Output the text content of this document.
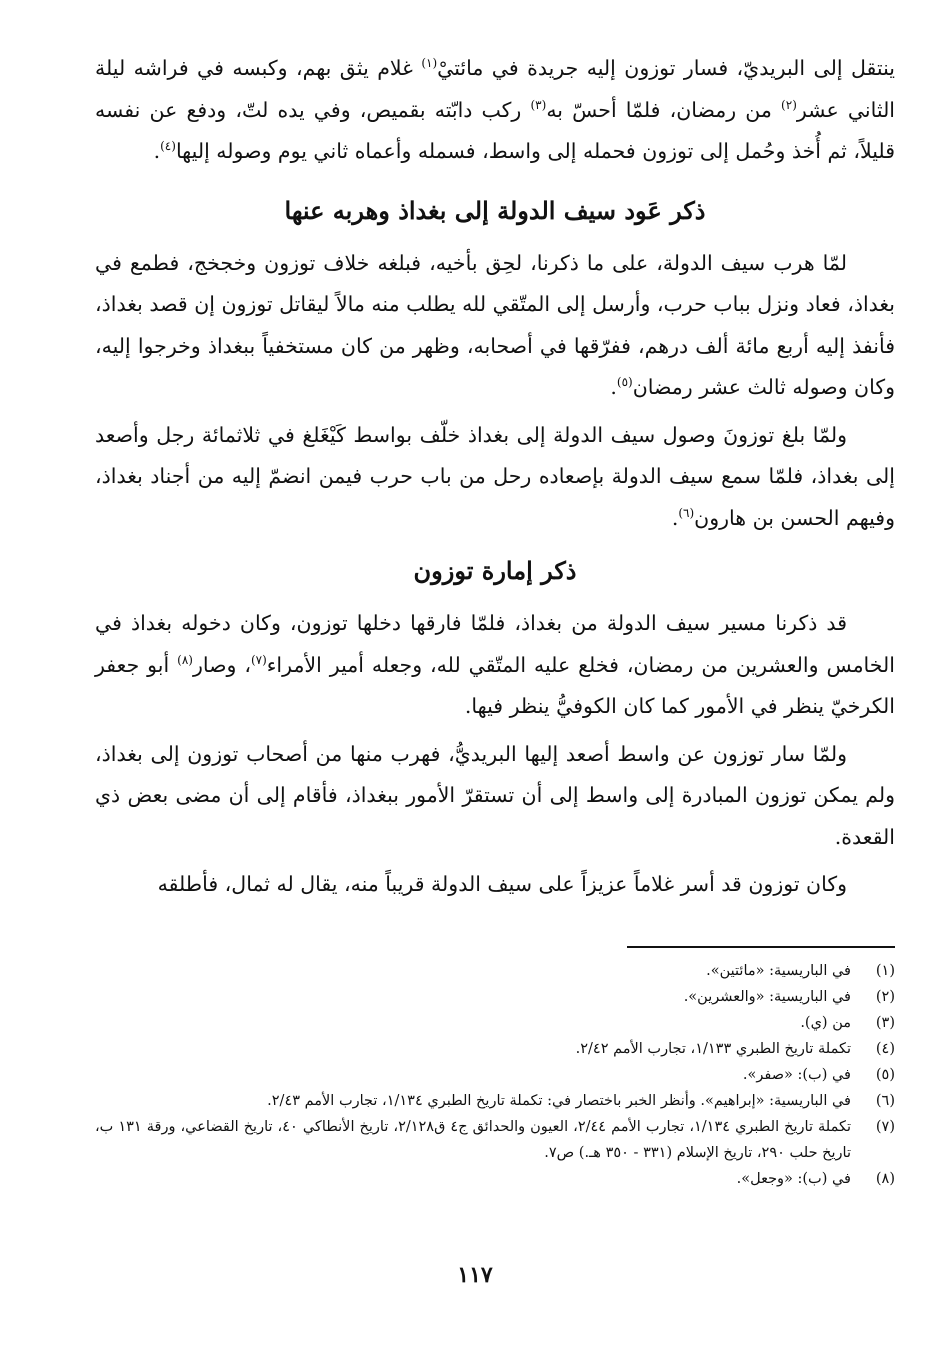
ينتقل إلى البريديّ، فسار توزون إليه جريدة في مائتيْ$^{(١)}$ غلام يثق بهم، وكبسه في فراشه ليلة الثاني عشر$^{(٢)}$ من رمضان، فلمّا أحسّ به$^{(٣)}$ ركب دابّته بقميص، وفي يده لتّ، ودفع عن نفسه قليلاً، ثم أُخذ وحُمل إلى توزون فحمله إلى واسط، فسمله وأعماه ثاني يوم وصوله إليها$^{(٤)}$.

ذكر عَود سيف الدولة إلى بغداذ وهربه عنها

لمّا هرب سيف الدولة، على ما ذكرنا، لحِق بأخيه، فبلغه خلاف توزون وخجخج، فطمع في بغداذ، فعاد ونزل بباب حرب، وأرسل إلى المتّقي لله يطلب منه مالاً ليقاتل توزون إن قصد بغداذ، فأنفذ إليه أربع مائة ألف درهم، ففرّقها في أصحابه، وظهر من كان مستخفياً ببغداذ وخرجوا إليه، وكان وصوله ثالث عشر رمضان$^{(٥)}$.

ولمّا بلغ توزونَ وصول سيف الدولة إلى بغداذ خلّف بواسط كَيْغَلغ في ثلاثمائة رجل وأصعد إلى بغداذ، فلمّا سمع سيف الدولة بإصعاده رحل من باب حرب فيمن انضمّ إليه من أجناد بغداذ، وفيهم الحسن بن هارون$^{(٦)}$.

ذكر إمارة توزون

قد ذكرنا مسير سيف الدولة من بغداذ، فلمّا فارقها دخلها توزون، وكان دخوله بغداذ في الخامس والعشرين من رمضان، فخلع عليه المتّقي لله، وجعله أمير الأمراء$^{(٧)}$، وصار$^{(٨)}$ أبو جعفر الكرخيّ ينظر في الأمور كما كان الكوفيُّ ينظر فيها.

ولمّا سار توزون عن واسط أصعد إليها البريديُّ، فهرب منها من أصحاب توزون إلى بغداذ، ولم يمكن توزون المبادرة إلى واسط إلى أن تستقرّ الأمور ببغداذ، فأقام إلى أن مضى بعض ذي القعدة.

وكان توزون قد أسر غلاماً عزيزاً على سيف الدولة قريباً منه، يقال له ثمال، فأطلقه

(١)
في الباريسية: «مائتين».
(٢)
في الباريسية: «والعشرين».
(٣)
من (ي).
(٤)
تكملة تاريخ الطبري ١/١٣٣، تجارب الأمم ٢/٤٢.
(٥)
في (ب): «صفر».
(٦)
في الباريسية: «إبراهيم». وأنظر الخبر باختصار في: تكملة تاريخ الطبري ١/١٣٤، تجارب الأمم ٢/٤٣.
(٧)
تكملة تاريخ الطبري ١/١٣٤، تجارب الأمم ٢/٤٤، العيون والحدائق ج٤ ق٢/١٢٨، تاريخ الأنطاكي ٤٠، تاريخ القضاعي، ورقة ١٣١ ب، تاريخ حلب ٢٩٠، تاريخ الإسلام (٣٣١ - ٣٥٠ هـ.) ص٧.
(٨)
في (ب): «وجعل».
١١٧
